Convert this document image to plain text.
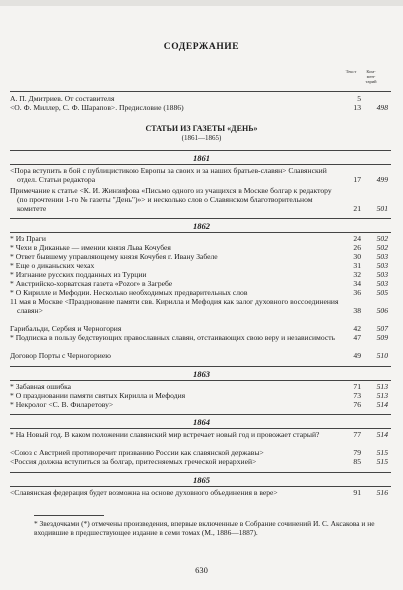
СОДЕРЖАНИЕ
Текст	Ком-
мен-
тарий
А. П. Дмитриев. От составителя	5
<О. Ф. Миллер, С. Ф. Шарапов>. Предисловие (1886)	13	498
СТАТЬИ ИЗ ГАЗЕТЫ «ДЕНЬ»
(1861—1865)
1861
<Пора вступить в бой с публицистикою Европы за своих и за наших братьев-славян> Славянский отдел. Статьи редактора	17	499
Примечание к статье <К. И. Жинзифова «Письмо одного из учащихся в Москве болгар к редактору (по прочтении 1-го № газеты "День")»> и несколько слов о Славянском благотворительном комитете	21	501
1862
* Из Праги	24	502
* Чехи в Диканьке — имении князя Льва Кочубея	26	502
* Ответ бывшему управляющему князя Кочубея г. Ивану Забеле	30	503
* Еще о диканьских чехах	31	503
* Изгнание русских подданных из Турции	32	503
* Австрийско-хорватская газета «Pozor» в Загребе	34	503
* О Кирилле и Мефодии. Несколько необходимых предварительных слов	36	505
11 мая в Москве <Празднование памяти свв. Кирилла и Мефодия как залог духовного воссоединения славян>	38	506
Гарибальди, Сербия и Черногория	42	507
* Подписка в пользу бедствующих православных славян, отстаивающих свою веру и независимость	47	509
Договор Порты с Черногориею	49	510
1863
* Забавная ошибка	71	513
* О праздновании памяти святых Кирилла и Мефодия	73	513
* Некролог <С. В. Филаретову>	76	514
1864
* На Новый год. В каком положении славянский мир встречает новый год и провожает старый?	77	514
<Союз с Австрией противоречит призванию России как славянской державы>	79	515
<Россия должна вступиться за болгар, притесняемых греческой иерархией>	85	515
1865
<Славянская федерация будет возможна на основе духовного объединения в вере>	91	516
* Звездочками (*) отмечены произведения, впервые включенные в Собрание сочинений И. С. Аксакова и не входившие в предшествующее издание в семи томах (М., 1886—1887).
630
